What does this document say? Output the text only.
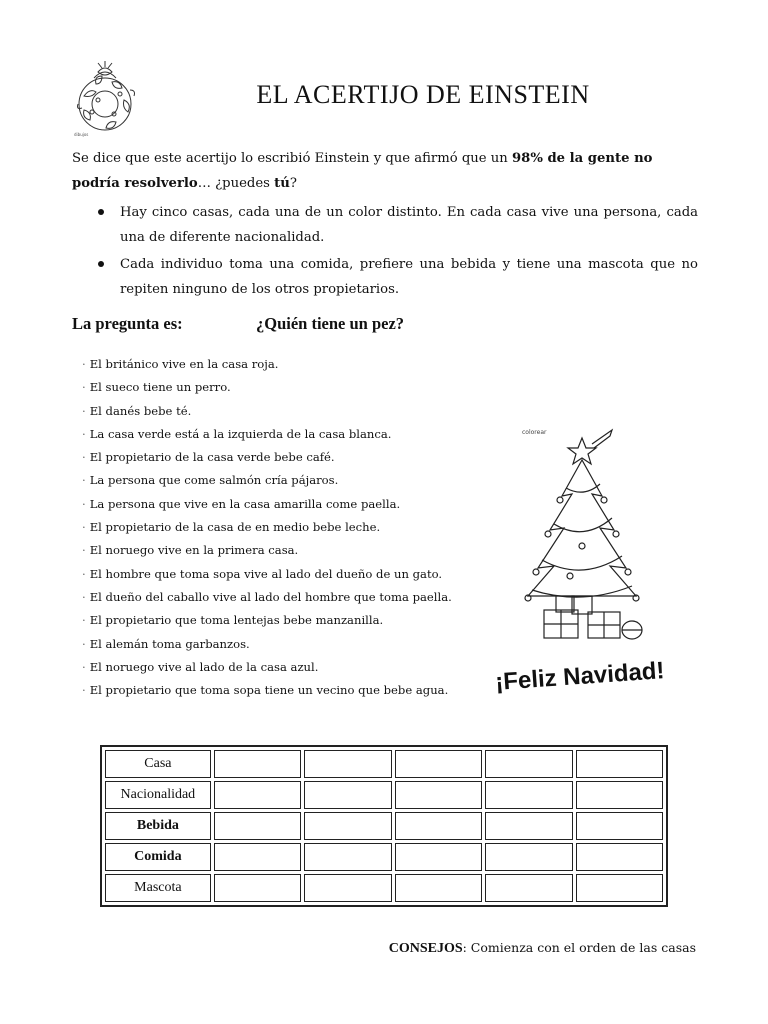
dibujos
EL ACERTIJO DE EINSTEIN
Se dice que este acertijo lo escribió Einstein y que afirmó que un 98% de la gente no podría resolverlo… ¿puedes tú?
Hay cinco casas, cada una de un color distinto. En cada casa vive una persona, cada una de diferente nacionalidad.
Cada individuo toma una comida, prefiere una bebida y tiene una mascota que no repiten ninguno de los otros propietarios.
La pregunta es:	¿Quién tiene un pez?
· El británico vive en la casa roja.
· El sueco tiene un perro.
· El danés bebe té.
· La casa verde está a la izquierda de la casa blanca.
· El propietario de la casa verde bebe café.
· La persona que come salmón cría pájaros.
· La persona que vive en la casa amarilla come paella.
· El propietario de la casa de en medio bebe leche.
· El noruego vive en la primera casa.
· El hombre que toma sopa vive al lado del dueño de un gato.
· El dueño del caballo vive al lado del hombre que toma paella.
· El propietario que toma lentejas bebe manzanilla.
· El alemán toma garbanzos.
· El noruego vive al lado de la casa azul.
· El propietario que toma sopa tiene un vecino que bebe agua.
colorear
¡Feliz Navidad!
Casa					
Nacionalidad					
Bebida					
Comida					
Mascota					
CONSEJOS: Comienza con el orden de las casas
